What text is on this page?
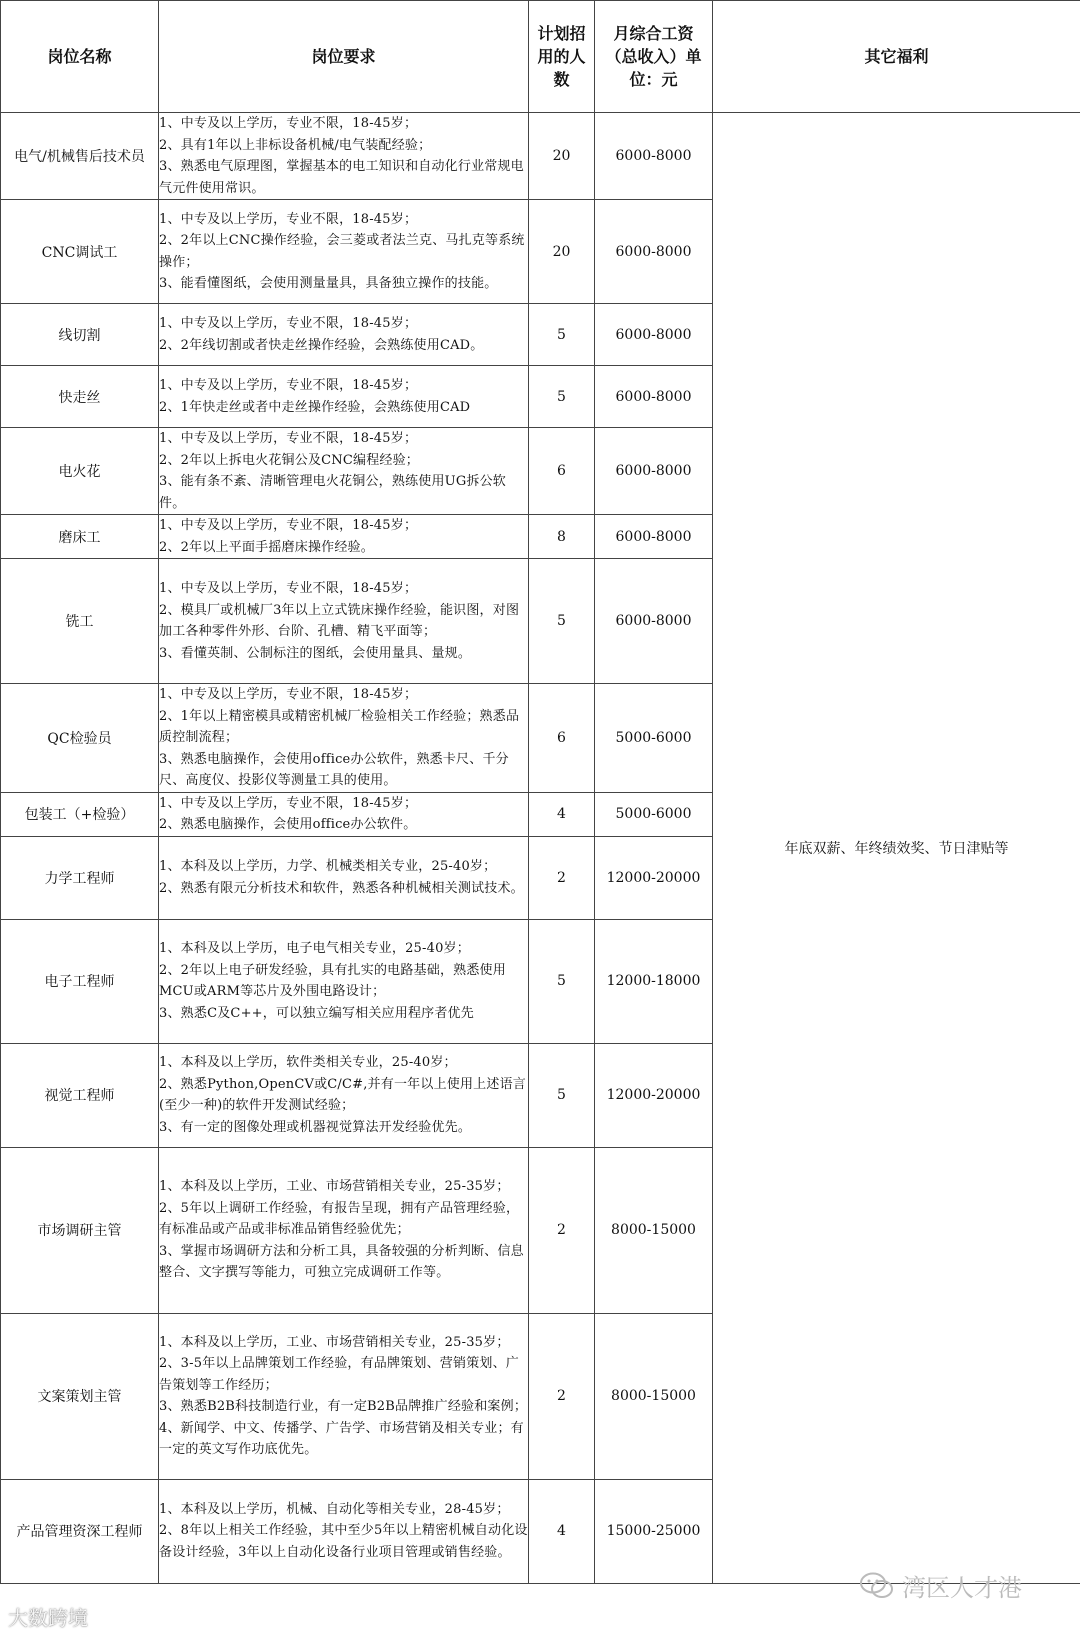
岗位名称	岗位要求	计划招用的人数	月综合工资（总收入）单位：元	其它福利
电气/机械售后技术员	1、中专及以上学历，专业不限，18-45岁；
2、具有1年以上非标设备机械/电气装配经验；
3、熟悉电气原理图，掌握基本的电工知识和自动化行业常规电气元件使用常识。	20	6000-8000	年底双薪、年终绩效奖、节日津贴等
CNC调试工	1、中专及以上学历，专业不限，18-45岁；
2、2年以上CNC操作经验，会三菱或者法兰克、马扎克等系统操作；
3、能看懂图纸，会使用测量量具，具备独立操作的技能。	20	6000-8000	
线切割	1、中专及以上学历，专业不限，18-45岁；
2、2年线切割或者快走丝操作经验，会熟练使用CAD。	5	6000-8000	
快走丝	1、中专及以上学历，专业不限，18-45岁；
2、1年快走丝或者中走丝操作经验，会熟练使用CAD	5	6000-8000	
电火花	1、中专及以上学历，专业不限，18-45岁；
2、2年以上拆电火花铜公及CNC编程经验；
3、能有条不紊、清晰管理电火花铜公，熟练使用UG拆公软件。	6	6000-8000	
磨床工	1、中专及以上学历，专业不限，18-45岁；
2、2年以上平面手摇磨床操作经验。	8	6000-8000	
铣工	1、中专及以上学历，专业不限，18-45岁；
2、模具厂或机械厂3年以上立式铣床操作经验，能识图，对图加工各种零件外形、台阶、孔槽、精飞平面等；
3、看懂英制、公制标注的图纸，会使用量具、量规。	5	6000-8000	
QC检验员	1、中专及以上学历，专业不限，18-45岁；
2、1年以上精密模具或精密机械厂检验相关工作经验；熟悉品质控制流程；
3、熟悉电脑操作，会使用office办公软件，熟悉卡尺、千分尺、高度仪、投影仪等测量工具的使用。	6	5000-6000	
包装工（+检验）	1、中专及以上学历，专业不限，18-45岁；
2、熟悉电脑操作，会使用office办公软件。	4	5000-6000	
力学工程师	1、本科及以上学历，力学、机械类相关专业，25-40岁；
2、熟悉有限元分析技术和软件，熟悉各种机械相关测试技术。	2	12000-20000	
电子工程师	1、本科及以上学历，电子电气相关专业，25-40岁；
2、2年以上电子研发经验，具有扎实的电路基础，熟悉使用MCU或ARM等芯片及外围电路设计；
3、熟悉C及C++，可以独立编写相关应用程序者优先	5	12000-18000	
视觉工程师	1、本科及以上学历，软件类相关专业，25-40岁；
2、熟悉Python,OpenCV或C/C#,并有一年以上使用上述语言(至少一种)的软件开发测试经验；
3、有一定的图像处理或机器视觉算法开发经验优先。	5	12000-20000	
市场调研主管	1、本科及以上学历，工业、市场营销相关专业，25-35岁；
2、5年以上调研工作经验，有报告呈现，拥有产品管理经验，有标准品或产品或非标准品销售经验优先；
3、掌握市场调研方法和分析工具，具备较强的分析判断、信息整合、文字撰写等能力，可独立完成调研工作等。	2	8000-15000	
文案策划主管	1、本科及以上学历，工业、市场营销相关专业，25-35岁；
2、3-5年以上品牌策划工作经验，有品牌策划、营销策划、广告策划等工作经历；
3、熟悉B2B科技制造行业，有一定B2B品牌推广经验和案例；
4、新闻学、中文、传播学、广告学、市场营销及相关专业；有一定的英文写作功底优先。	2	8000-15000	
产品管理资深工程师	1、本科及以上学历，机械、自动化等相关专业，28-45岁；
2、8年以上相关工作经验，其中至少5年以上精密机械自动化设备设计经验，3年以上自动化设备行业项目管理或销售经验。	4	15000-25000	
大数跨境
湾区人才港
